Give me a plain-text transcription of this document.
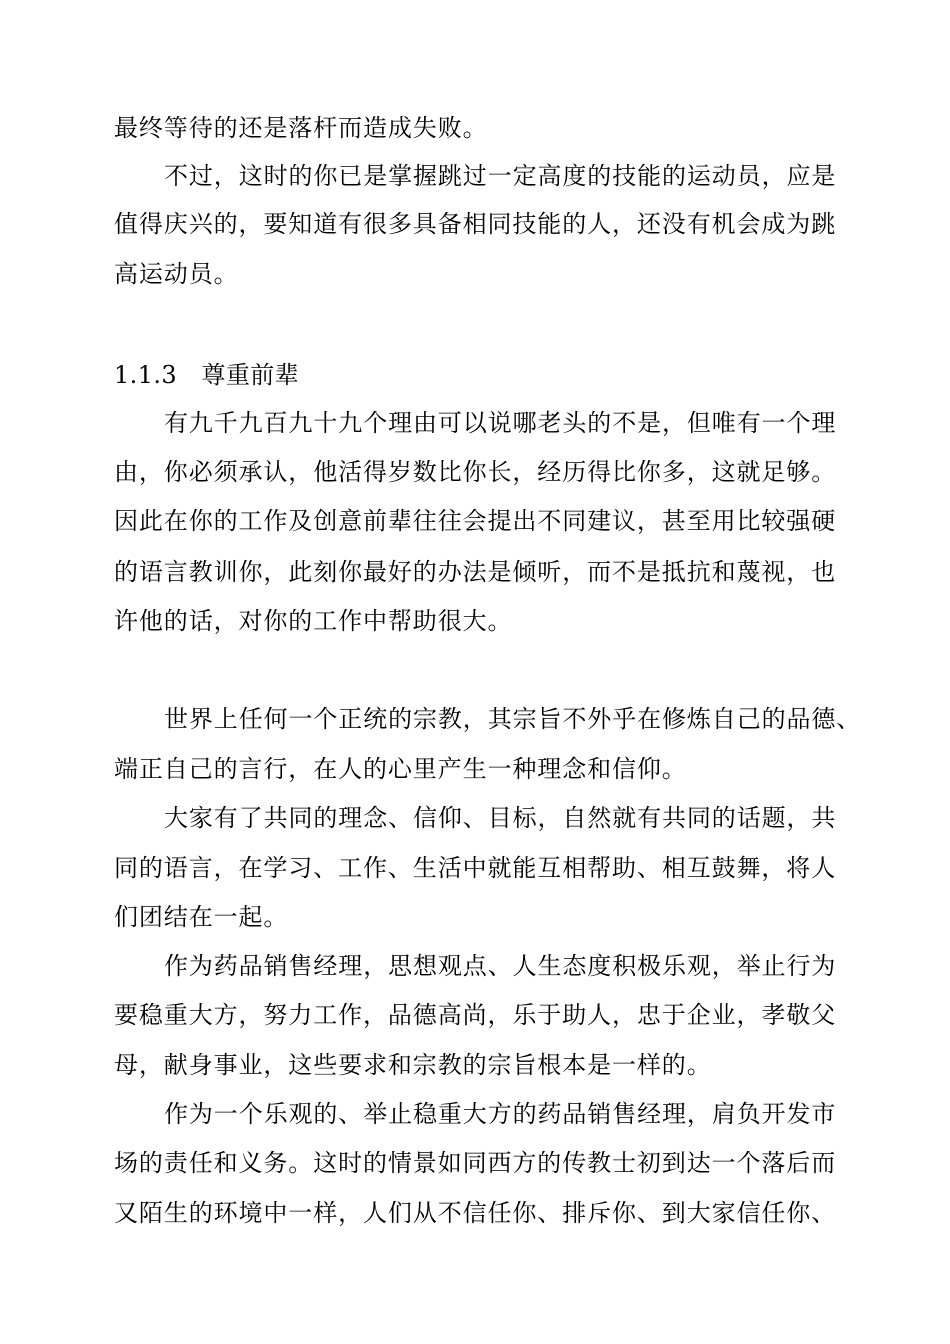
最终等待的还是落杆而造成失败。
不过，这时的你已是掌握跳过一定高度的技能的运动员，应是
值得庆兴的，要知道有很多具备相同技能的人，还没有机会成为跳
高运动员。
1.1.3　尊重前辈
有九千九百九十九个理由可以说哪老头的不是，但唯有一个理
由，你必须承认，他活得岁数比你长，经历得比你多，这就足够。
因此在你的工作及创意前辈往往会提出不同建议，甚至用比较强硬
的语言教训你，此刻你最好的办法是倾听，而不是抵抗和蔑视，也
许他的话，对你的工作中帮助很大。
世界上任何一个正统的宗教，其宗旨不外乎在修炼自己的品德、
端正自己的言行，在人的心里产生一种理念和信仰。
大家有了共同的理念、信仰、目标，自然就有共同的话题，共
同的语言，在学习、工作、生活中就能互相帮助、相互鼓舞，将人
们团结在一起。
作为药品销售经理，思想观点、人生态度积极乐观，举止行为
要稳重大方，努力工作，品德高尚，乐于助人，忠于企业，孝敬父
母，献身事业，这些要求和宗教的宗旨根本是一样的。
作为一个乐观的、举止稳重大方的药品销售经理，肩负开发市
场的责任和义务。这时的情景如同西方的传教士初到达一个落后而
又陌生的环境中一样，人们从不信任你、排斥你、到大家信任你、
